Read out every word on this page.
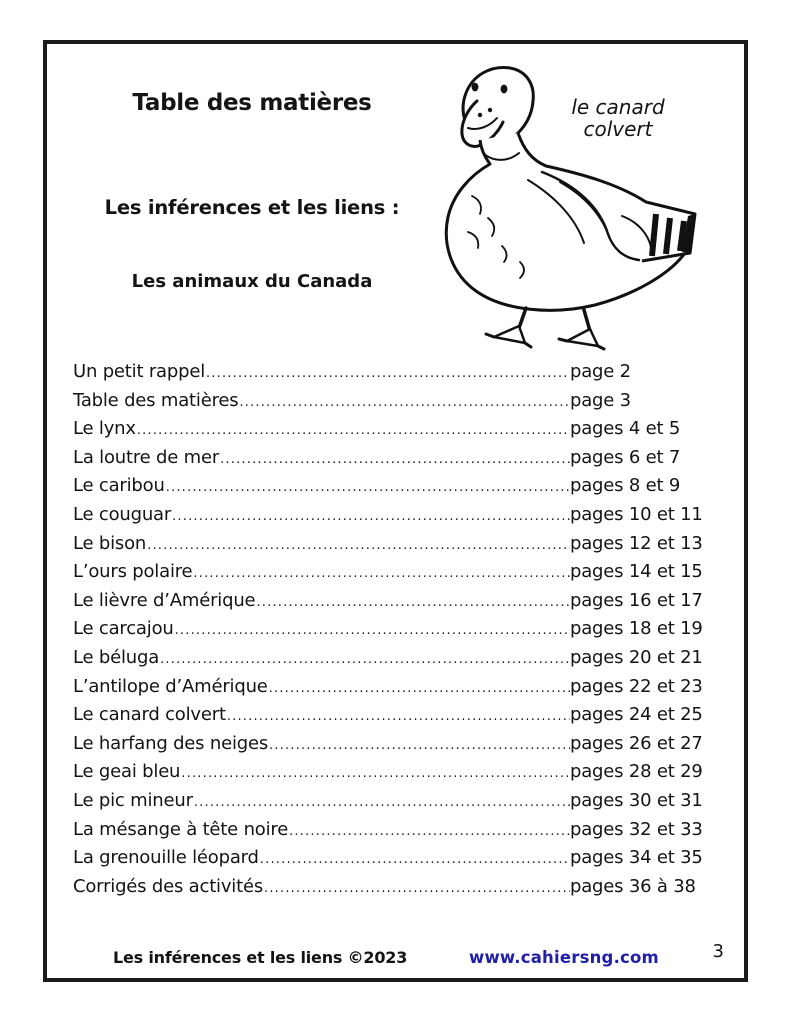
Table des matières
Les inférences et les liens :
Les animaux du Canada
le canard colvert
Un petit rappel .....	page 2
Table des matières .....	page 3
Le lynx .....	pages 4 et 5
La loutre de mer .....	pages 6 et 7
Le caribou .....	pages 8 et 9
Le couguar .....	pages 10 et 11
Le bison .....	pages 12 et 13
L’ours polaire .....	pages 14 et 15
Le lièvre d’Amérique .....	pages 16 et 17
Le carcajou .....	pages 18 et 19
Le béluga .....	pages 20 et 21
L’antilope d’Amérique .....	pages 22 et 23
Le canard colvert .....	pages 24 et 25
Le harfang des neiges .....	pages 26 et 27
Le geai bleu .....	pages 28 et 29
Le pic mineur .....	pages 30 et 31
La mésange à tête noire .....	pages 32 et 33
La grenouille léopard .....	pages 34 et 35
Corrigés des activités .....	pages 36 à 38
Les inférences et les liens ©2023	www.cahiersng.com	3
